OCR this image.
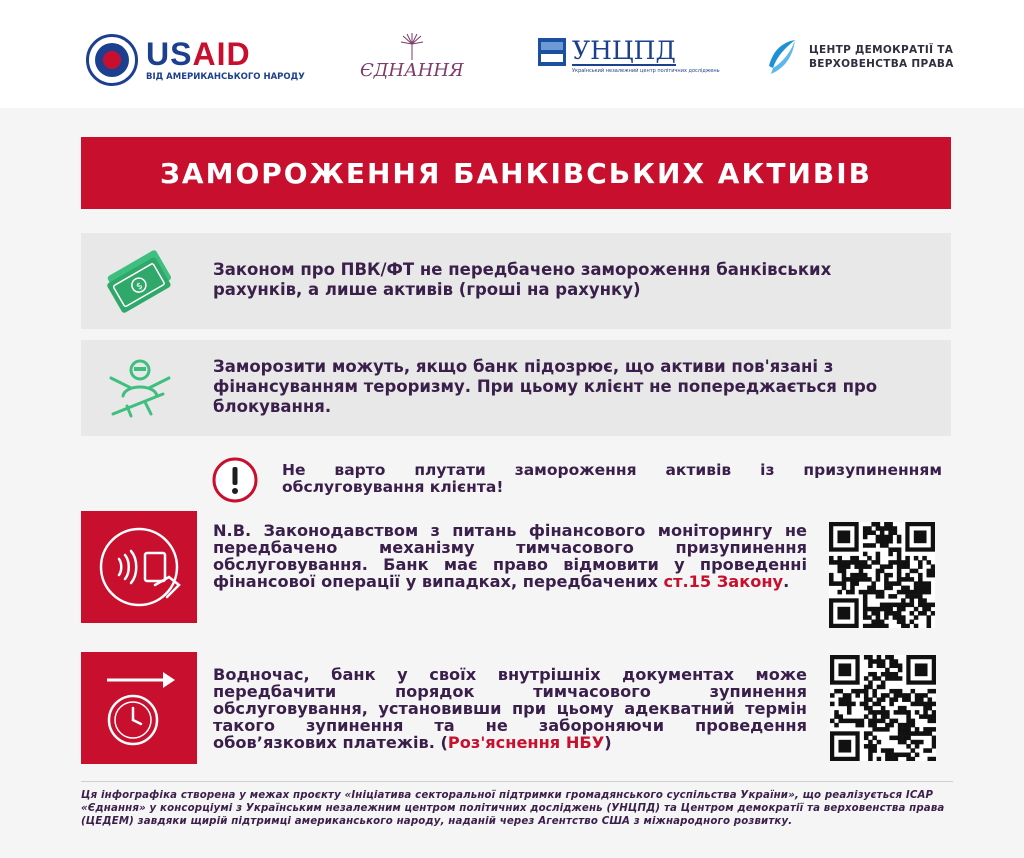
USAID
ВІД АМЕРИКАНСЬКОГО НАРОДУ	ЄДНАННЯ
УНЦПД
Український незалежний центр політичних досліджень
ЦЕНТР ДЕМОКРАТІЇ ТА
ВЕРХОВЕНСТВА ПРАВА
ЗАМОРОЖЕННЯ БАНКІВСЬКИХ АКТИВІВ
$
Законом про ПВК/ФТ не передбачено замороження банківських рахунків, а лише активів (гроші на рахунку)
Заморозити можуть, якщо банк підозрює, що активи пов'язані з фінансуванням тероризму. При цьому клієнт не попереджається про блокування.
Не варто плутати замороження активів із призупиненням обслуговування клієнта!
N.B. Законодавством з питань фінансового моніторингу не передбачено механізму тимчасового призупинення обслуговування. Банк має право відмовити у проведенні фінансової операції у випадках, передбачених ст.15 Закону.
Водночас, банк у своїх внутрішніх документах може передбачити порядок тимчасового зупинення обслуговування, установивши при цьому адекватний термін такого зупинення та не забороняючи проведення обов’язкових платежів. (Роз'яснення НБУ)
Ця інфографіка створена у межах проєкту «Ініціатива секторальної підтримки громадянського суспільства України», що реалізується ІСАР «Єднання» у консорціумі з Українським незалежним центром політичних досліджень (УНЦПД) та Центром демократії та верховенства права (ЦЕДЕМ) завдяки щирій підтримці американського народу, наданій через Агентство США з міжнародного розвитку.
